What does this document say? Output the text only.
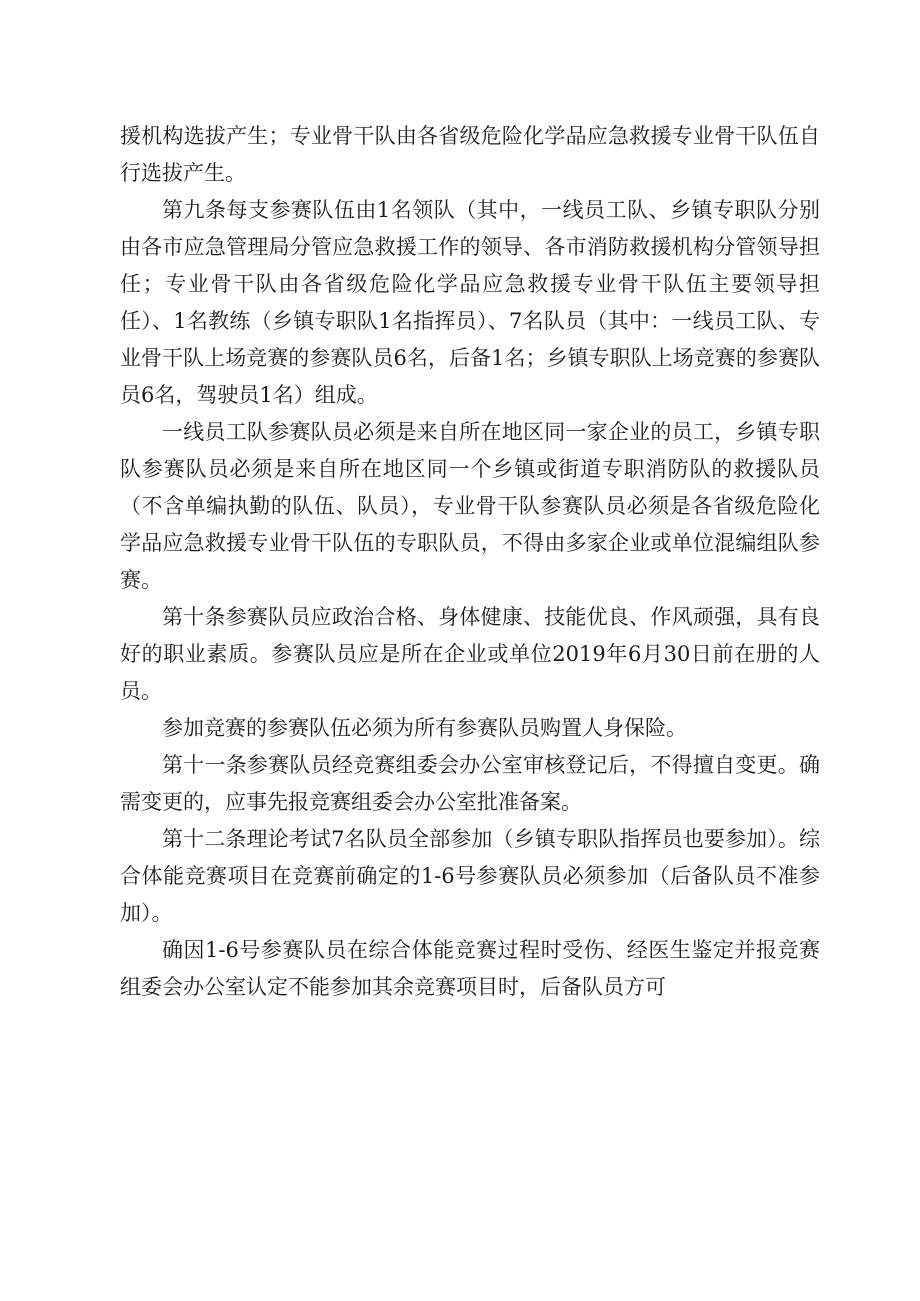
援机构选拔产生；专业骨干队由各省级危险化学品应急救援专业骨干队伍自行选拔产生。

第九条每支参赛队伍由1名领队（其中，一线员工队、乡镇专职队分别由各市应急管理局分管应急救援工作的领导、各市消防救援机构分管领导担任；专业骨干队由各省级危险化学品应急救援专业骨干队伍主要领导担任）、1名教练（乡镇专职队1名指挥员）、7名队员（其中：一线员工队、专业骨干队上场竞赛的参赛队员6名，后备1名；乡镇专职队上场竞赛的参赛队员6名，驾驶员1名）组成。

一线员工队参赛队员必须是来自所在地区同一家企业的员工，乡镇专职队参赛队员必须是来自所在地区同一个乡镇或街道专职消防队的救援队员（不含单编执勤的队伍、队员），专业骨干队参赛队员必须是各省级危险化学品应急救援专业骨干队伍的专职队员，不得由多家企业或单位混编组队参赛。

第十条参赛队员应政治合格、身体健康、技能优良、作风顽强，具有良好的职业素质。参赛队员应是所在企业或单位2019年6月30日前在册的人员。

参加竞赛的参赛队伍必须为所有参赛队员购置人身保险。

第十一条参赛队员经竞赛组委会办公室审核登记后，不得擅自变更。确需变更的，应事先报竞赛组委会办公室批准备案。

第十二条理论考试7名队员全部参加（乡镇专职队指挥员也要参加）。综合体能竞赛项目在竞赛前确定的1-6号参赛队员必须参加（后备队员不准参加）。

确因1-6号参赛队员在综合体能竞赛过程时受伤、经医生鉴定并报竞赛组委会办公室认定不能参加其余竞赛项目时，后备队员方可
